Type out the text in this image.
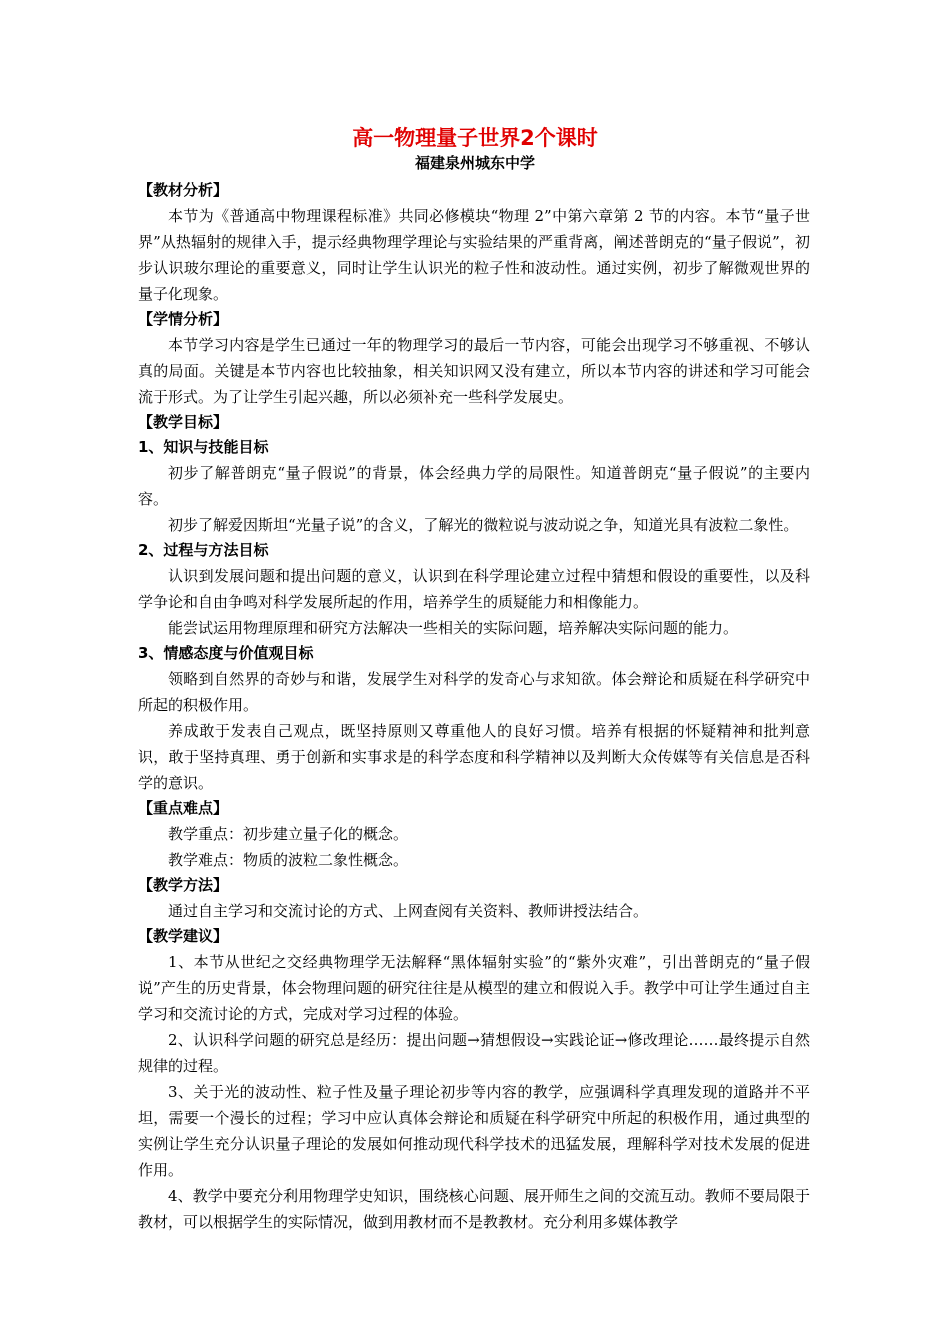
高一物理量子世界2个课时
福建泉州城东中学
【教材分析】

本节为《普通高中物理课程标准》共同必修模块“物理 2”中第六章第 2 节的内容。本节“量子世界”从热辐射的规律入手，提示经典物理学理论与实验结果的严重背离，阐述普朗克的“量子假说”，初步认识玻尔理论的重要意义，同时让学生认识光的粒子性和波动性。通过实例，初步了解微观世界的量子化现象。

【学情分析】

本节学习内容是学生已通过一年的物理学习的最后一节内容，可能会出现学习不够重视、不够认真的局面。关键是本节内容也比较抽象，相关知识网又没有建立，所以本节内容的讲述和学习可能会流于形式。为了让学生引起兴趣，所以必须补充一些科学发展史。

【教学目标】
1、知识与技能目标

初步了解普朗克“量子假说”的背景，体会经典力学的局限性。知道普朗克“量子假说”的主要内容。

初步了解爱因斯坦“光量子说”的含义，了解光的微粒说与波动说之争，知道光具有波粒二象性。

2、过程与方法目标

认识到发展问题和提出问题的意义，认识到在科学理论建立过程中猜想和假设的重要性，以及科学争论和自由争鸣对科学发展所起的作用，培养学生的质疑能力和相像能力。

能尝试运用物理原理和研究方法解决一些相关的实际问题，培养解决实际问题的能力。

3、情感态度与价值观目标

领略到自然界的奇妙与和谐，发展学生对科学的发奇心与求知欲。体会辩论和质疑在科学研究中所起的积极作用。

养成敢于发表自己观点，既坚持原则又尊重他人的良好习惯。培养有根据的怀疑精神和批判意识，敢于坚持真理、勇于创新和实事求是的科学态度和科学精神以及判断大众传媒等有关信息是否科学的意识。

【重点难点】

教学重点：初步建立量子化的概念。

教学难点：物质的波粒二象性概念。

【教学方法】

通过自主学习和交流讨论的方式、上网查阅有关资料、教师讲授法结合。

【教学建议】

1、本节从世纪之交经典物理学无法解释“黑体辐射实验”的“紫外灾难”，引出普朗克的“量子假说”产生的历史背景，体会物理问题的研究往往是从模型的建立和假说入手。教学中可让学生通过自主学习和交流讨论的方式，完成对学习过程的体验。

2、认识科学问题的研究总是经历：提出问题→猜想假设→实践论证→修改理论……最终提示自然规律的过程。

3、关于光的波动性、粒子性及量子理论初步等内容的教学，应强调科学真理发现的道路并不平坦，需要一个漫长的过程；学习中应认真体会辩论和质疑在科学研究中所起的积极作用，通过典型的实例让学生充分认识量子理论的发展如何推动现代科学技术的迅猛发展，理解科学对技术发展的促进作用。

4、教学中要充分利用物理学史知识，围绕核心问题、展开师生之间的交流互动。教师不要局限于教材，可以根据学生的实际情况，做到用教材而不是教教材。充分利用多媒体教学
